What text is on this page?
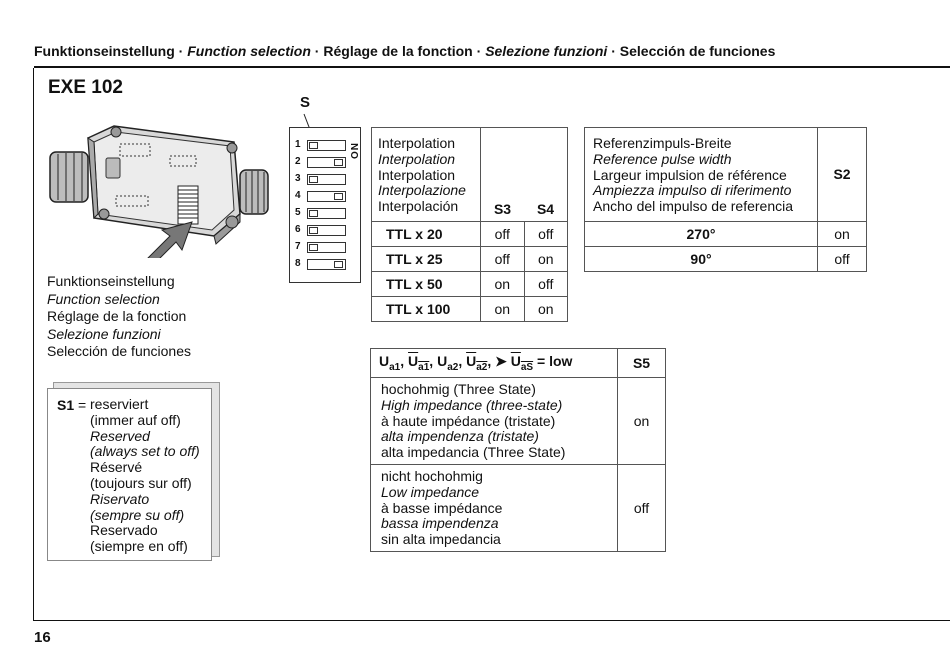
Funktionseinstellung · Function selection · Réglage de la fonction · Selezione funzioni · Selección de funciones
EXE 102
Funktionseinstellung
Function selection
Réglage de la fonction
Selezione funzioni
Selección de funciones
S1 = reserviert
(immer auf off)
Reserved
(always set to off)
Réservé
(toujours sur off)
Riservato
(sempre su off)
Reservado
(siempre en off)
S
ON
1
2
3
4
5
6
7
8
Interpolation
Interpolation
Interpolation
Interpolazione
Interpolación		

	S3	S4
TTL x 20	off	off
TTL x 25	off	on
TTL x 50	on	off
TTL x 100	on	on
Referenzimpuls-Breite
Reference pulse width
Largeur impulsion de référence
Ampiezza impulso di riferimento
Ancho del impulso de referencia	S2
270°	on
90°	off
$U_{a1}$, $U_{a1}$, $U_{a2}$, $U_{a2}$, ➤ $U_{aS}$ = low	S5

hochohmig (Three State)
High impedance (three-state)
à haute impédance (tristate)
alta impendenza (tristate)
alta impedancia (Three State)	on

nicht hochohmig
Low impedance
à basse impédance
bassa impendenza
sin alta impedancia	off
16
